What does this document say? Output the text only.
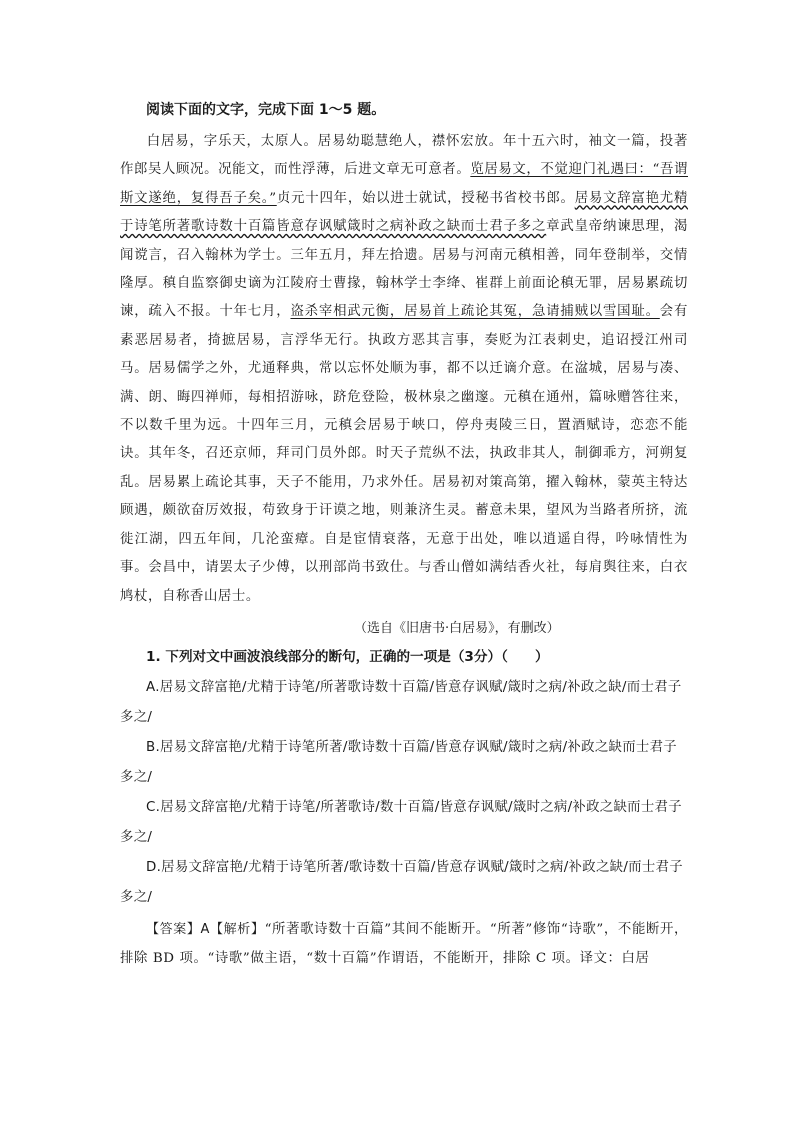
阅读下面的文字，完成下面 1～5 题。

白居易，字乐天，太原人。居易幼聪慧绝人，襟怀宏放。年十五六时，袖文一篇，投著作郎吴人顾况。况能文，而性浮薄，后进文章无可意者。览居易文，不觉迎门礼遇曰：“吾谓斯文遂绝，复得吾子矣。”贞元十四年，始以进士就试，授秘书省校书郎。居易文辞富艳尤精于诗笔所著歌诗数十百篇皆意存讽赋箴时之病补政之缺而士君子多之章武皇帝纳谏思理，渴闻谠言，召入翰林为学士。三年五月，拜左拾遗。居易与河南元稹相善，同年登制举，交情隆厚。稹自监察御史谪为江陵府士曹掾，翰林学士李绛、崔群上前面论稹无罪，居易累疏切谏，疏入不报。十年七月，盗杀宰相武元衡，居易首上疏论其冤，急请捕贼以雪国耻。会有素恶居易者，掎摭居易，言浮华无行。执政方恶其言事，奏贬为江表刺史，追诏授江州司马。居易儒学之外，尤通释典，常以忘怀处顺为事，都不以迁谪介意。在湓城，居易与凑、满、朗、晦四禅师，每相招游咏，跻危登险，极林泉之幽邃。元稹在通州，篇咏赠答往来，不以数千里为远。十四年三月，元稹会居易于峡口，停舟夷陵三日，置酒赋诗，恋恋不能诀。其年冬，召还京师，拜司门员外郎。时天子荒纵不法，执政非其人，制御乖方，河朔复乱。居易累上疏论其事，天子不能用，乃求外任。居易初对策高第，擢入翰林，蒙英主特达顾遇，颇欲奋厉效报，苟致身于讦谟之地，则兼济生灵。蓄意未果，望风为当路者所挤，流徙江湖，四五年间，几沦蛮瘴。自是宦情衰落，无意于出处，唯以逍遥自得，吟咏情性为事。会昌中，请罢太子少傅，以刑部尚书致仕。与香山僧如满结香火社，每肩舆往来，白衣鸠杖，自称香山居士。

（选自《旧唐书·白居易》，有删改）
1. 下列对文中画波浪线部分的断句，正确的一项是（3分）（　　）
A.居易文辞富艳/尤精于诗笔/所著歌诗数十百篇/皆意存讽赋/箴时之病/补政之缺/而士君子多之/
B.居易文辞富艳/尤精于诗笔所著/歌诗数十百篇/皆意存讽赋/箴时之病/补政之缺而士君子多之/
C.居易文辞富艳/尤精于诗笔/所著歌诗/数十百篇/皆意存讽赋/箴时之病/补政之缺而士君子多之/
D.居易文辞富艳/尤精于诗笔所著/歌诗数十百篇/皆意存讽赋/箴时之病/补政之缺/而士君子多之/
【答案】A【解析】“所著歌诗数十百篇”其间不能断开。“所著”修饰“诗歌”，不能断开，排除 BD 项。“诗歌”做主语，“数十百篇”作谓语，不能断开，排除 C 项。译文：白居
